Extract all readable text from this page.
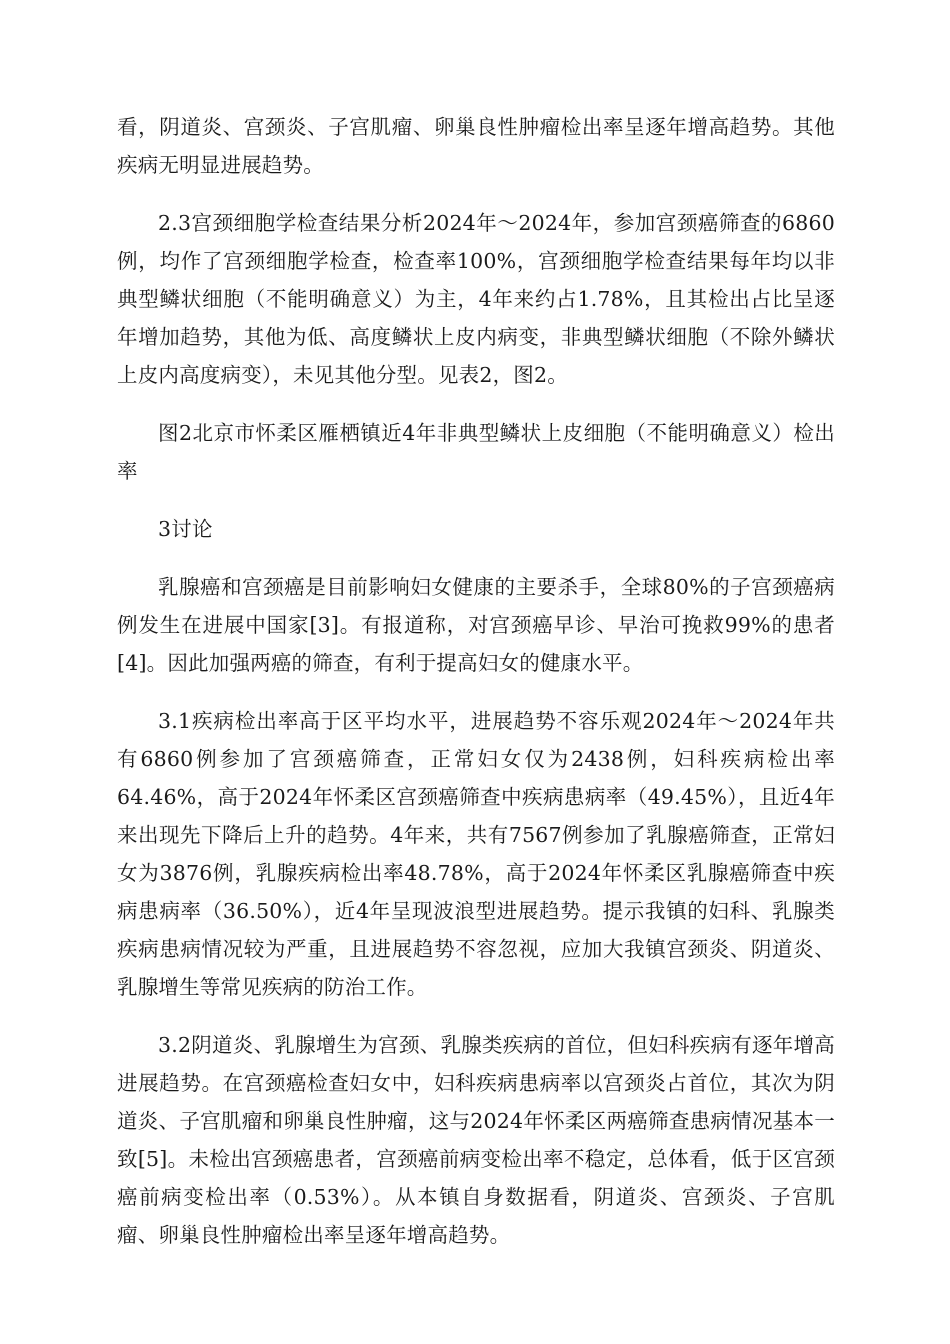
看，阴道炎、宫颈炎、子宫肌瘤、卵巢良性肿瘤检出率呈逐年增高趋势。其他疾病无明显进展趋势。

2.3宫颈细胞学检查结果分析2024年～2024年，参加宫颈癌筛查的6860例，均作了宫颈细胞学检查，检查率100%，宫颈细胞学检查结果每年均以非典型鳞状细胞（不能明确意义）为主，4年来约占1.78%，且其检出占比呈逐年增加趋势，其他为低、高度鳞状上皮内病变，非典型鳞状细胞（不除外鳞状上皮内高度病变），未见其他分型。见表2，图2。

图2北京市怀柔区雁栖镇近4年非典型鳞状上皮细胞（不能明确意义）检出率

3讨论

乳腺癌和宫颈癌是目前影响妇女健康的主要杀手，全球80%的子宫颈癌病例发生在进展中国家[3]。有报道称，对宫颈癌早诊、早治可挽救99%的患者[4]。因此加强两癌的筛查，有利于提高妇女的健康水平。

3.1疾病检出率高于区平均水平，进展趋势不容乐观2024年～2024年共有6860例参加了宫颈癌筛查，正常妇女仅为2438例，妇科疾病检出率64.46%，高于2024年怀柔区宫颈癌筛查中疾病患病率（49.45%），且近4年来出现先下降后上升的趋势。4年来，共有7567例参加了乳腺癌筛查，正常妇女为3876例，乳腺疾病检出率48.78%，高于2024年怀柔区乳腺癌筛查中疾病患病率（36.50%），近4年呈现波浪型进展趋势。提示我镇的妇科、乳腺类疾病患病情况较为严重，且进展趋势不容忽视，应加大我镇宫颈炎、阴道炎、乳腺增生等常见疾病的防治工作。

3.2阴道炎、乳腺增生为宫颈、乳腺类疾病的首位，但妇科疾病有逐年增高进展趋势。在宫颈癌检查妇女中，妇科疾病患病率以宫颈炎占首位，其次为阴道炎、子宫肌瘤和卵巢良性肿瘤，这与2024年怀柔区两癌筛查患病情况基本一致[5]。未检出宫颈癌患者，宫颈癌前病变检出率不稳定，总体看，低于区宫颈癌前病变检出率（0.53%）。从本镇自身数据看，阴道炎、宫颈炎、子宫肌瘤、卵巢良性肿瘤检出率呈逐年增高趋势。
